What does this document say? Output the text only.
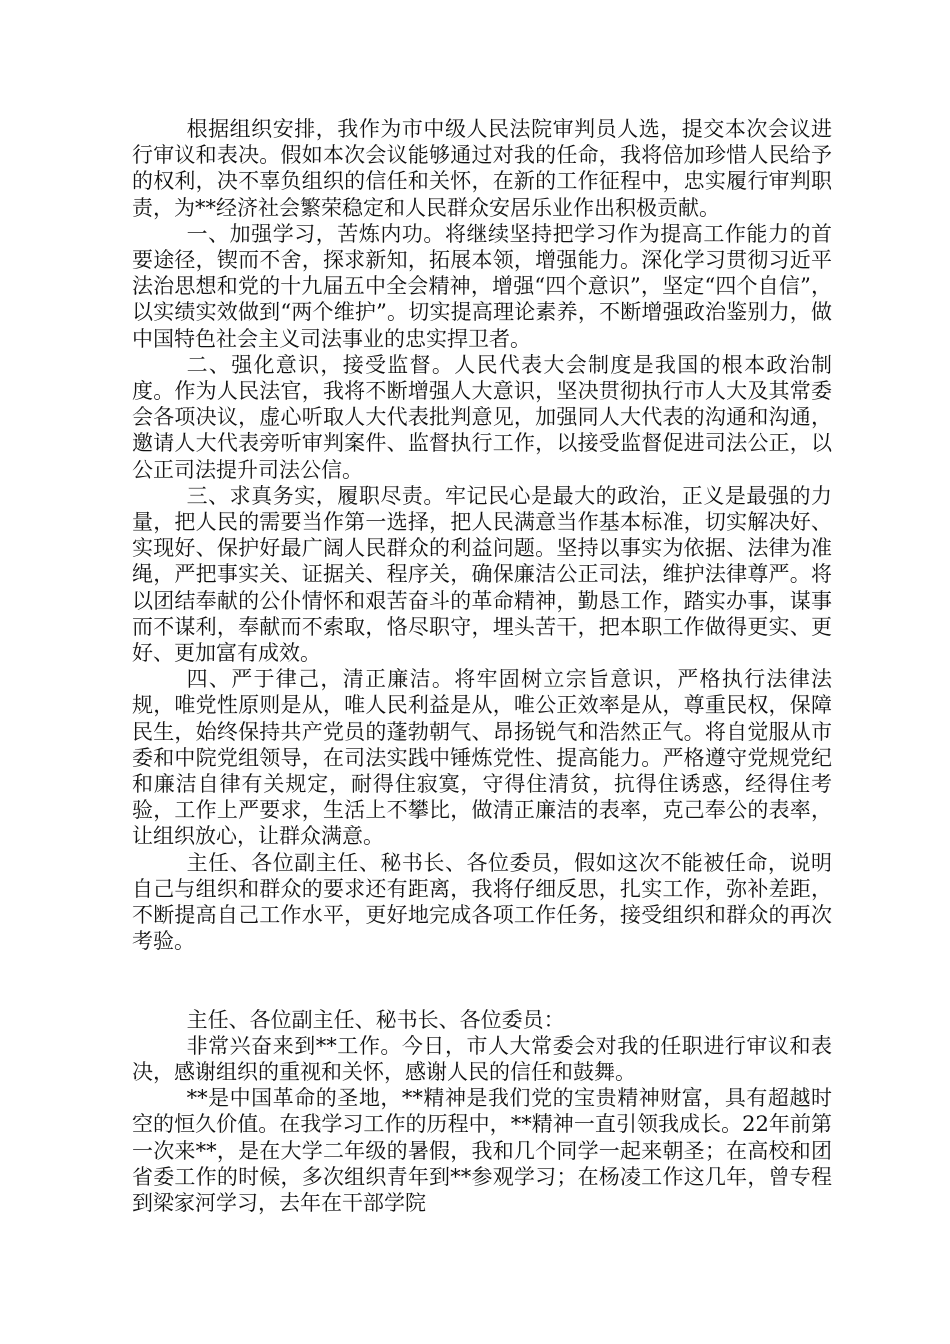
根据组织安排，我作为市中级人民法院审判员人选，提交本次会议进行审议和表决。假如本次会议能够通过对我的任命，我将倍加珍惜人民给予的权利，决不辜负组织的信任和关怀，在新的工作征程中，忠实履行审判职责，为**经济社会繁荣稳定和人民群众安居乐业作出积极贡献。

一、加强学习，苦炼内功。将继续坚持把学习作为提高工作能力的首要途径，锲而不舍，探求新知，拓展本领，增强能力。深化学习贯彻习近平法治思想和党的十九届五中全会精神，增强“四个意识”，坚定“四个自信”，以实绩实效做到“两个维护”。切实提高理论素养，不断增强政治鉴别力，做中国特色社会主义司法事业的忠实捍卫者。

二、强化意识，接受监督。人民代表大会制度是我国的根本政治制度。作为人民法官，我将不断增强人大意识，坚决贯彻执行市人大及其常委会各项决议，虚心听取人大代表批判意见，加强同人大代表的沟通和沟通，邀请人大代表旁听审判案件、监督执行工作，以接受监督促进司法公正，以公正司法提升司法公信。

三、求真务实，履职尽责。牢记民心是最大的政治，正义是最强的力量，把人民的需要当作第一选择，把人民满意当作基本标准，切实解决好、实现好、保护好最广阔人民群众的利益问题。坚持以事实为依据、法律为准绳，严把事实关、证据关、程序关，确保廉洁公正司法，维护法律尊严。将以团结奉献的公仆情怀和艰苦奋斗的革命精神，勤恳工作，踏实办事，谋事而不谋利，奉献而不索取，恪尽职守，埋头苦干，把本职工作做得更实、更好、更加富有成效。

四、严于律己，清正廉洁。将牢固树立宗旨意识，严格执行法律法规，唯党性原则是从，唯人民利益是从，唯公正效率是从，尊重民权，保障民生，始终保持共产党员的蓬勃朝气、昂扬锐气和浩然正气。将自觉服从市委和中院党组领导，在司法实践中锤炼党性、提高能力。严格遵守党规党纪和廉洁自律有关规定，耐得住寂寞，守得住清贫，抗得住诱惑，经得住考验，工作上严要求，生活上不攀比，做清正廉洁的表率，克己奉公的表率，让组织放心，让群众满意。

主任、各位副主任、秘书长、各位委员，假如这次不能被任命，说明自己与组织和群众的要求还有距离，我将仔细反思，扎实工作，弥补差距，不断提高自己工作水平，更好地完成各项工作任务，接受组织和群众的再次考验。

主任、各位副主任、秘书长、各位委员：

非常兴奋来到**工作。今日，市人大常委会对我的任职进行审议和表决，感谢组织的重视和关怀，感谢人民的信任和鼓舞。

**是中国革命的圣地，**精神是我们党的宝贵精神财富，具有超越时空的恒久价值。在我学习工作的历程中，**精神一直引领我成长。22年前第一次来**，是在大学二年级的暑假，我和几个同学一起来朝圣；在高校和团省委工作的时候，多次组织青年到**参观学习；在杨凌工作这几年，曾专程到梁家河学习，去年在干部学院
